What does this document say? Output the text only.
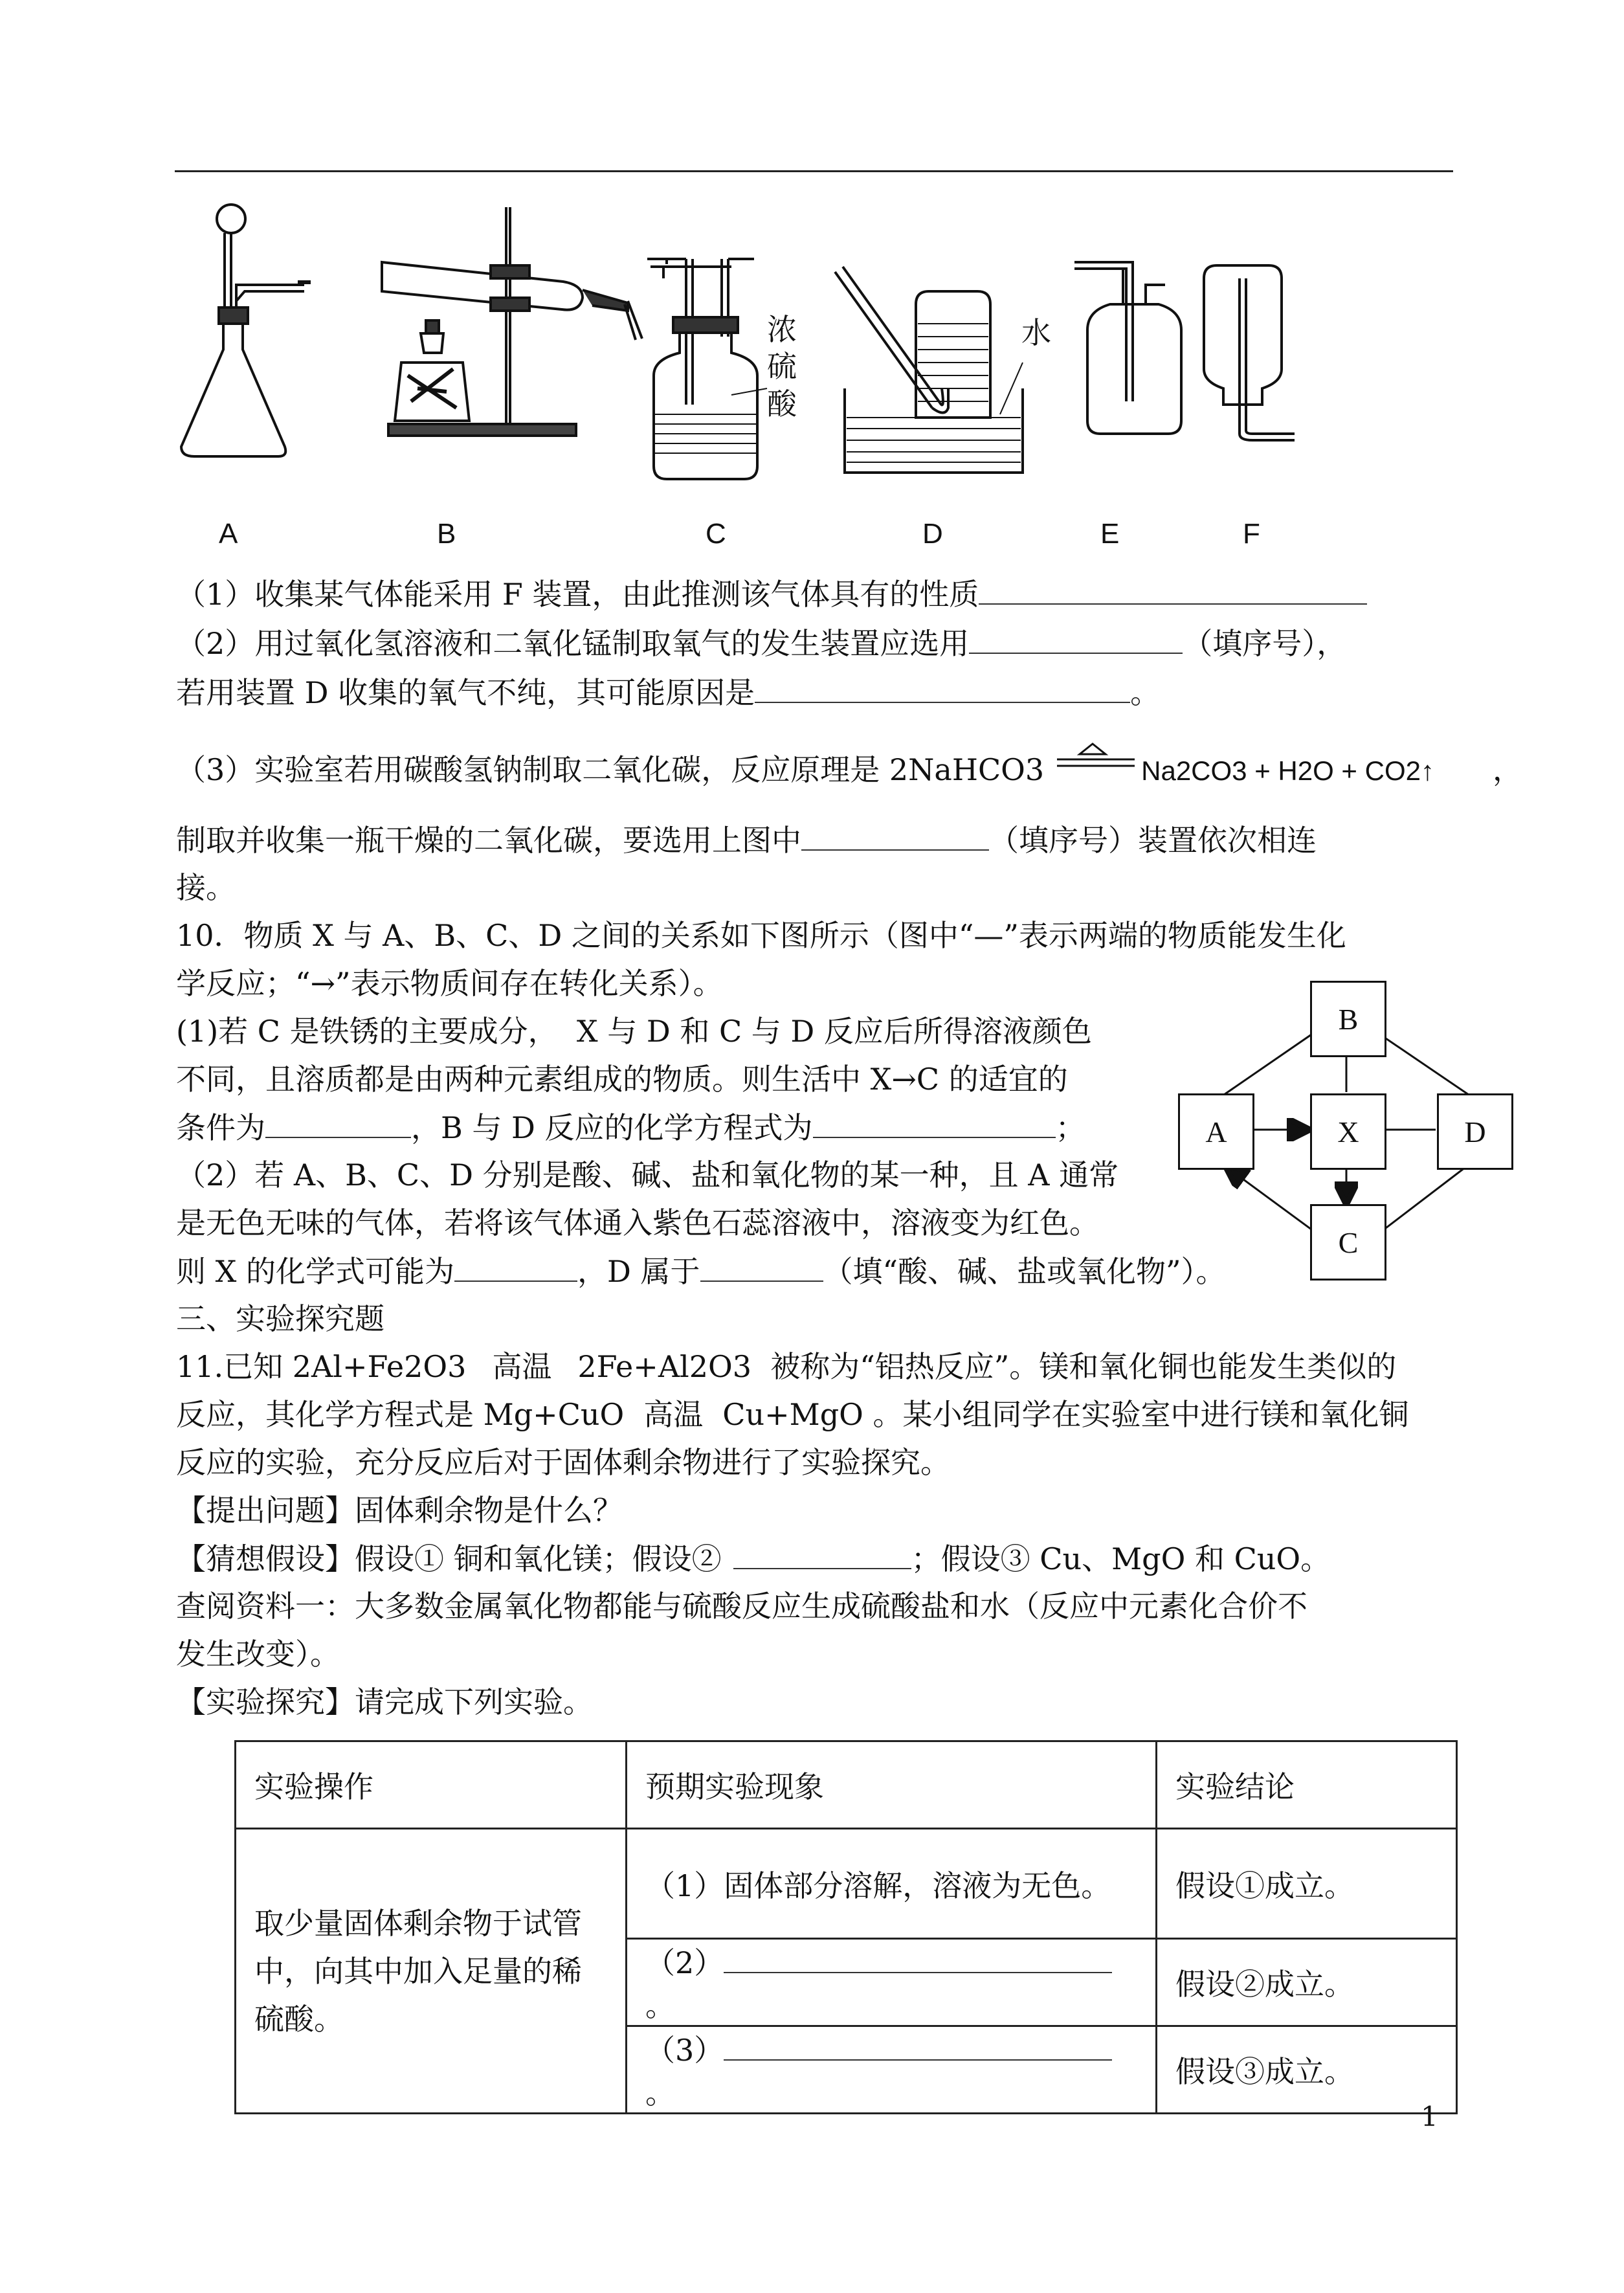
浓
硫
酸
水
A	B	C	D	E	F
（1）收集某气体能采用 F 装置，由此推测该气体具有的性质
（2）用过氧化氢溶液和二氧化锰制取氧气的发生装置应选用	（填序号），
若用装置 D 收集的氧气不纯，其可能原因是	。
（3）实验室若用碳酸氢钠制取二氧化碳，反应原理是 2NaHCO3	Na2CO3 + H2O + CO2↑ ，
制取并收集一瓶干燥的二氧化碳，要选用上图中	（填序号）装置依次相连
接。
10．物质 X 与 A、B、C、D 之间的关系如下图所示（图中“—”表示两端的物质能发生化
学反应；“→”表示物质间存在转化关系）。
(1)若 C 是铁锈的主要成分，  X 与 D 和 C 与 D 反应后所得溶液颜色
不同，且溶质都是由两种元素组成的物质。则生活中 X→C 的适宜的
条件为	，B 与 D 反应的化学方程式为	；
（2）若 A、B、C、D 分别是酸、碱、盐和氧化物的某一种，且 A 通常
是无色无味的气体，若将该气体通入紫色石蕊溶液中，溶液变为红色。
则 X 的化学式可能为	，D 属于	（填“酸、碱、盐或氧化物”）。
B
A	X	D
C
三、实验探究题
11.已知 2Al+Fe2O3 高温 2Fe+Al2O3  被称为“铝热反应”。镁和氧化铜也能发生类似的
反应，其化学方程式是 Mg+CuO 高温 Cu+MgO 。某小组同学在实验室中进行镁和氧化铜
反应的实验，充分反应后对于固体剩余物进行了实验探究。
【提出问题】固体剩余物是什么？
【猜想假设】假设① 铜和氧化镁；假设②	；假设③ Cu、MgO 和 CuO。
查阅资料一：大多数金属氧化物都能与硫酸反应生成硫酸盐和水（反应中元素化合价不
发生改变）。
【实验探究】请完成下列实验。
实验操作	预期实验现象	实验结论
取少量固体剩余物于试管中，向其中加入足量的稀硫酸。	（1）固体部分溶解，溶液为无色。	假设①成立。
	（2）。	假设②成立。
	（3）。	假设③成立。
1
